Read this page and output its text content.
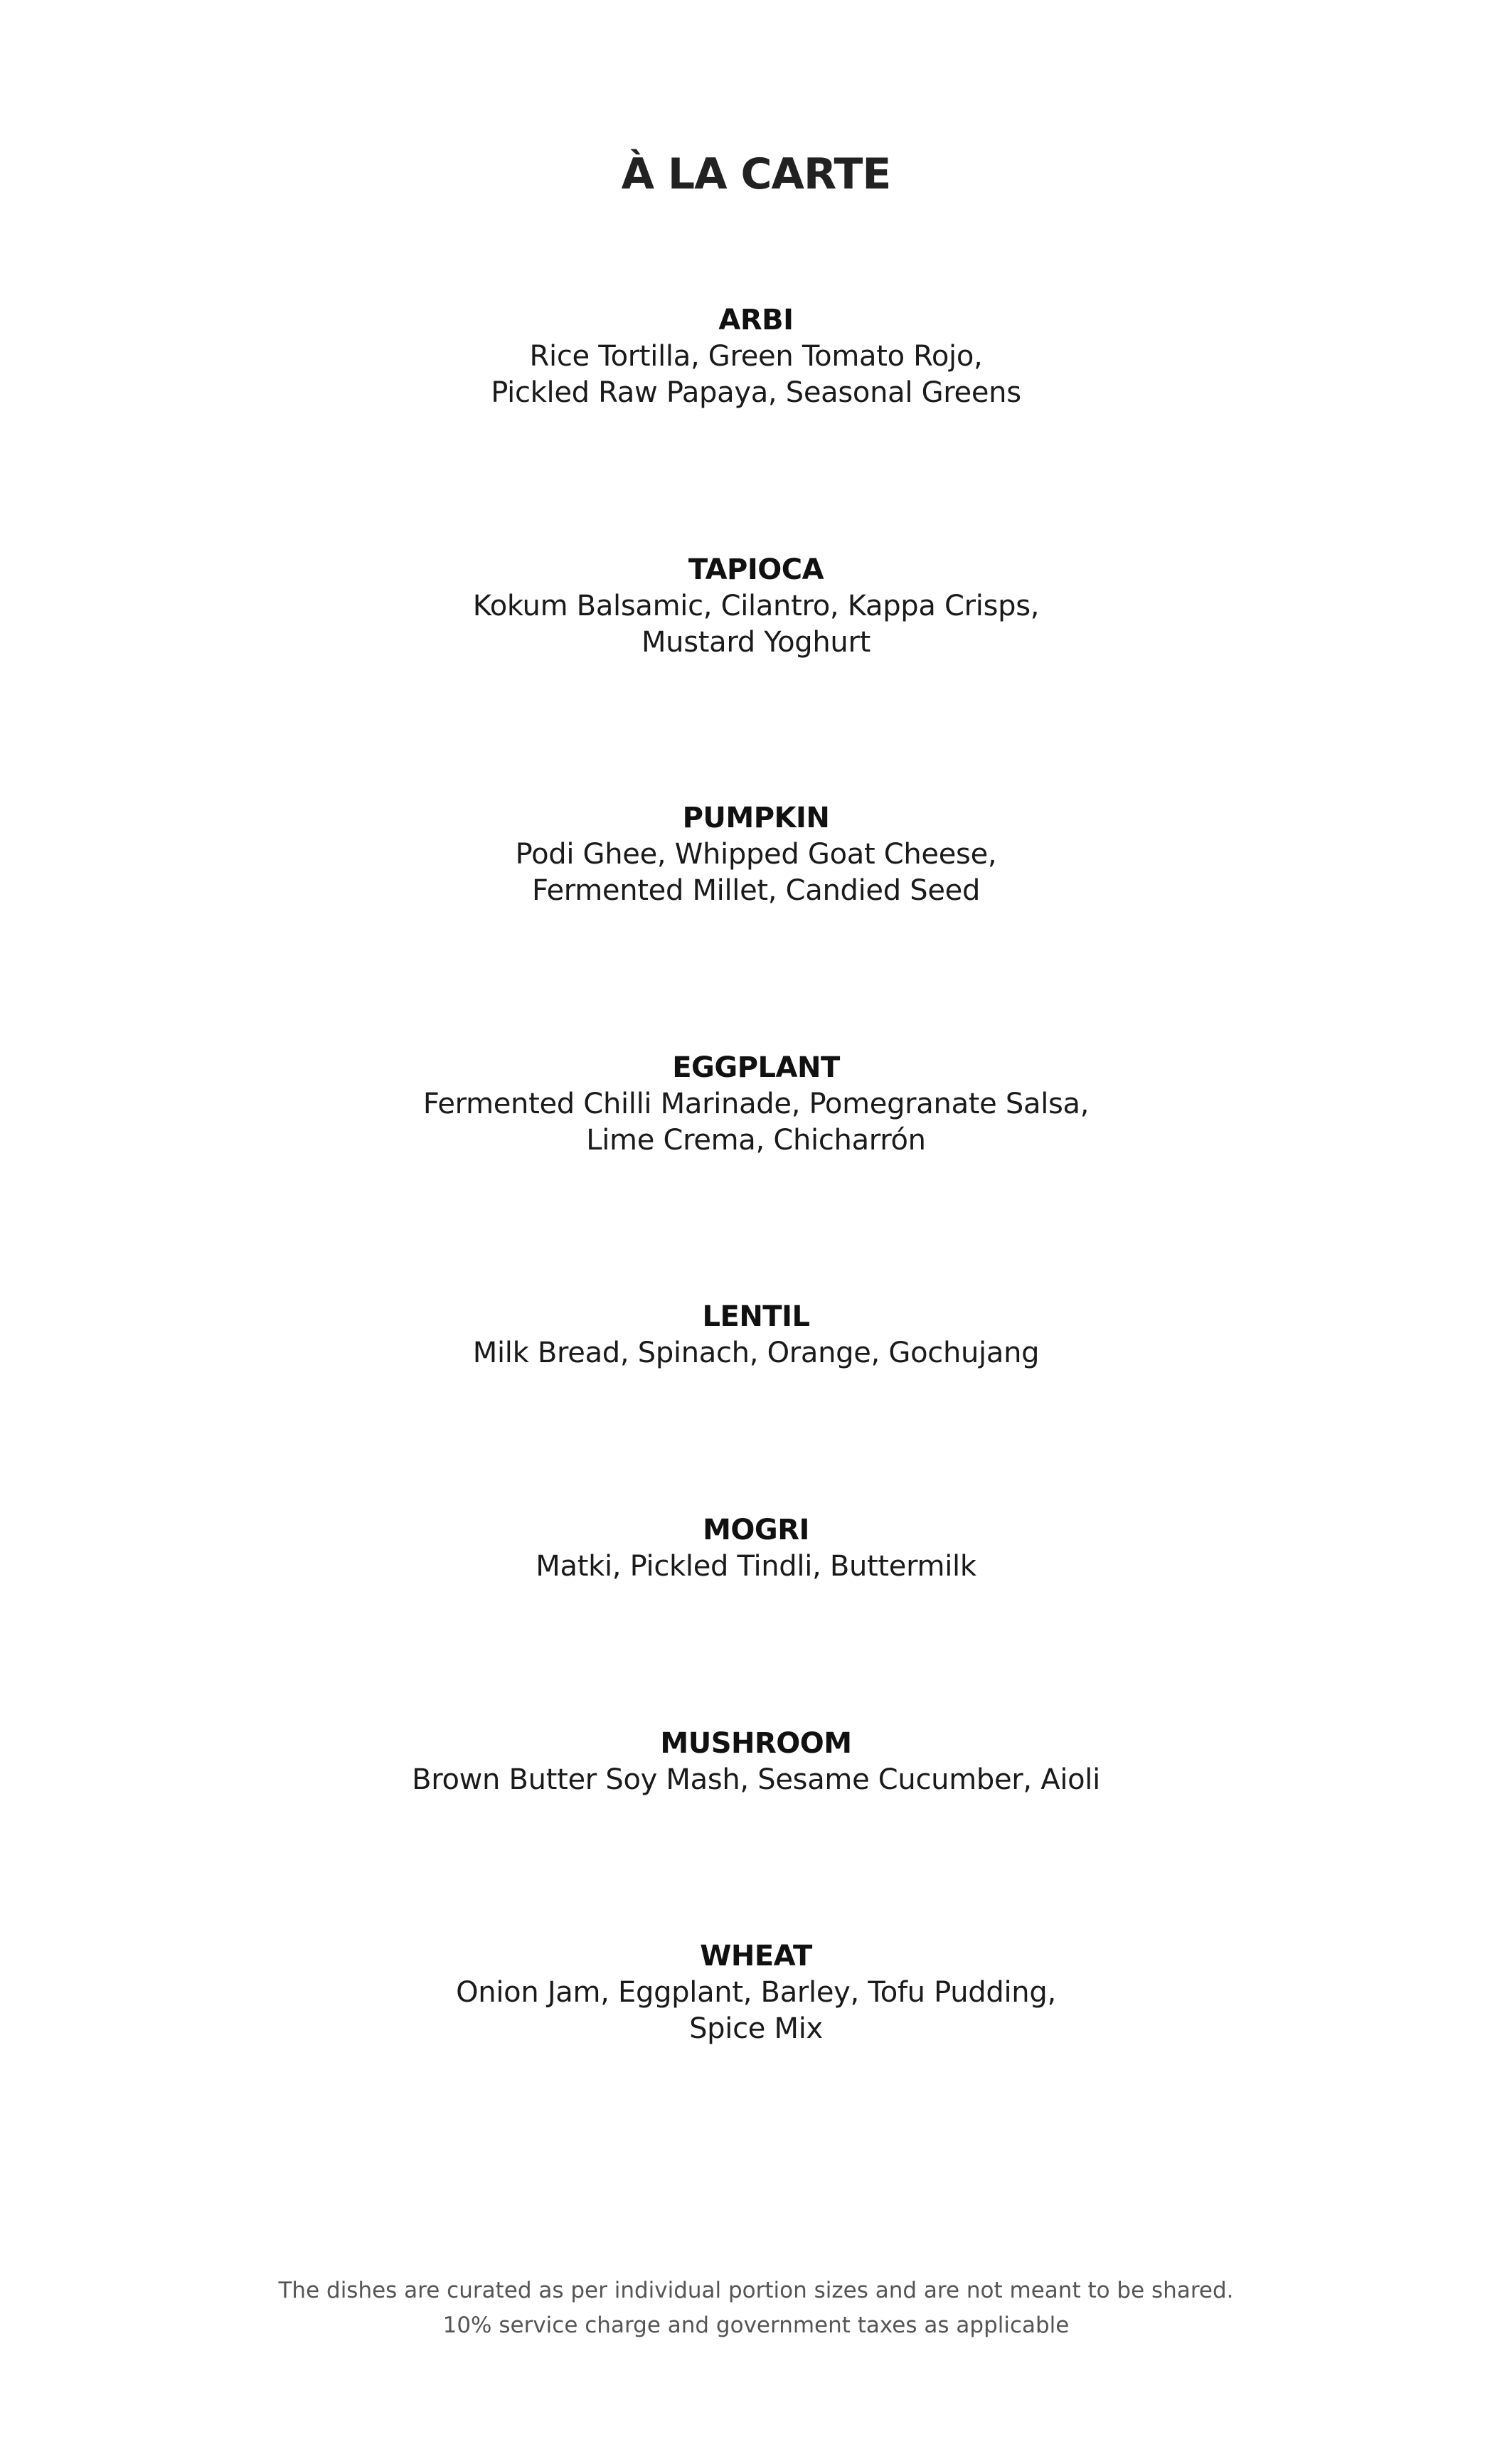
À LA CARTE
ARBI
Rice Tortilla, Green Tomato Rojo,
Pickled Raw Papaya, Seasonal Greens
TAPIOCA
Kokum Balsamic, Cilantro, Kappa Crisps,
Mustard Yoghurt
PUMPKIN
Podi Ghee, Whipped Goat Cheese,
Fermented Millet, Candied Seed
EGGPLANT
Fermented Chilli Marinade, Pomegranate Salsa,
Lime Crema, Chicharrón
LENTIL
Milk Bread, Spinach, Orange, Gochujang
MOGRI
Matki, Pickled Tindli, Buttermilk
MUSHROOM
Brown Butter Soy Mash, Sesame Cucumber, Aioli
WHEAT
Onion Jam, Eggplant, Barley, Tofu Pudding,
Spice Mix
The dishes are curated as per individual portion sizes and are not meant to be shared.
10% service charge and government taxes as applicable
